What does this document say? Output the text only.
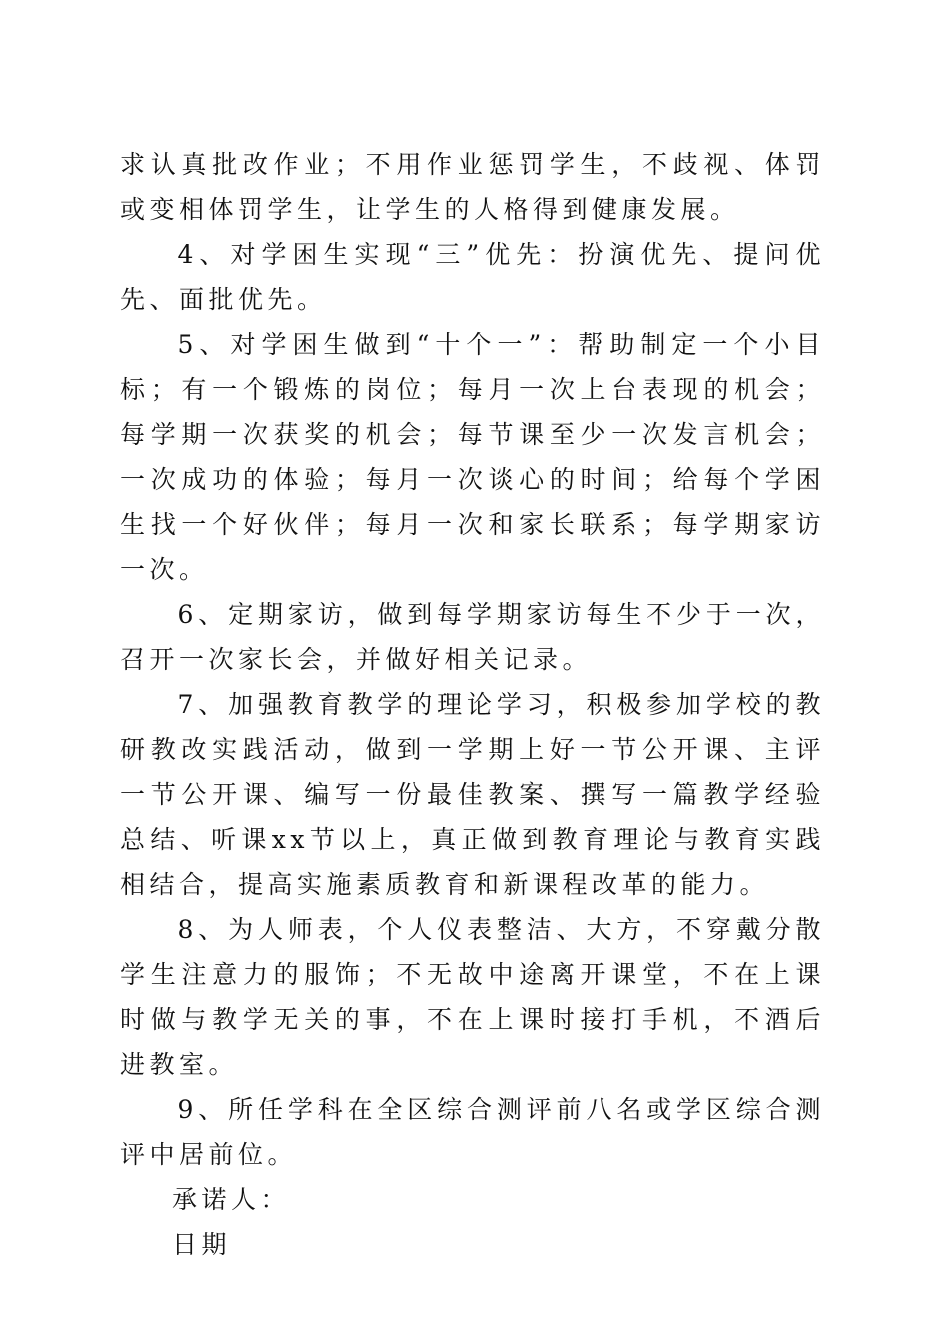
求认真批改作业；不用作业惩罚学生，不歧视、体罚或变相体罚学生，让学生的人格得到健康发展。

4、对学困生实现“三”优先：扮演优先、提问优先、面批优先。

5、对学困生做到“十个一”：帮助制定一个小目标；有一个锻炼的岗位；每月一次上台表现的机会；每学期一次获奖的机会；每节课至少一次发言机会；一次成功的体验；每月一次谈心的时间；给每个学困生找一个好伙伴；每月一次和家长联系；每学期家访一次。

6、定期家访，做到每学期家访每生不少于一次，召开一次家长会，并做好相关记录。

7、加强教育教学的理论学习，积极参加学校的教研教改实践活动，做到一学期上好一节公开课、主评一节公开课、编写一份最佳教案、撰写一篇教学经验总结、听课xx节以上，真正做到教育理论与教育实践相结合，提高实施素质教育和新课程改革的能力。

8、为人师表，个人仪表整洁、大方，不穿戴分散学生注意力的服饰；不无故中途离开课堂，不在上课时做与教学无关的事，不在上课时接打手机，不酒后进教室。

9、所任学科在全区综合测评前八名或学区综合测评中居前位。

承诺人：

日期
